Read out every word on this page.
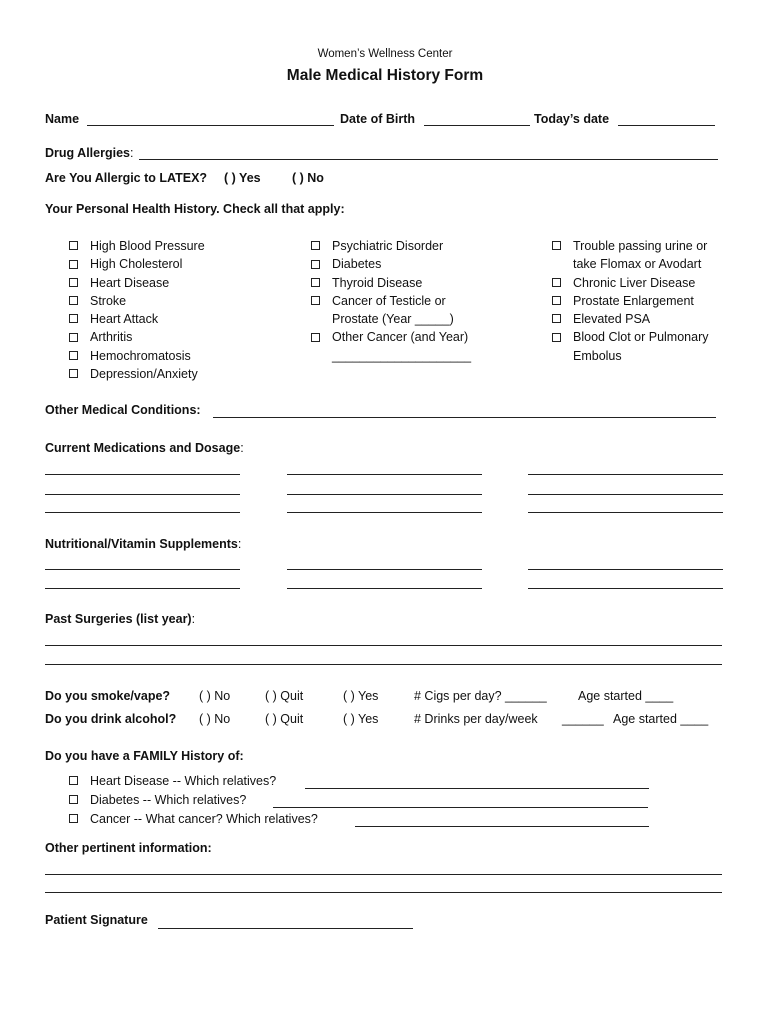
Women’s Wellness Center
Male Medical History Form
Name	Date of Birth	Today’s date
Drug Allergies:
Are You Allergic to LATEX? ( ) Yes	( ) No
Your Personal Health History. Check all that apply:
High Blood Pressure
High Cholesterol
Heart Disease
Stroke
Heart Attack
Arthritis
Hemochromatosis
Depression/Anxiety
Psychiatric Disorder
Diabetes
Thyroid Disease
Cancer of Testicle or
Prostate (Year _____)
Other Cancer (and Year)
____________________
Trouble passing urine or
take Flomax or Avodart
Chronic Liver Disease
Prostate Enlargement
Elevated PSA
Blood Clot or Pulmonary
Embolus
Other Medical Conditions:
Current Medications and Dosage:
Nutritional/Vitamin Supplements:
Past Surgeries (list year):
Do you smoke/vape? ( ) No	( ) Quit	( ) Yes	# Cigs per day? ______	Age started ____
Do you drink alcohol? ( ) No	( ) Quit	( ) Yes	# Drinks per day/week ______ Age started ____
Do you have a FAMILY History of:
Heart Disease -- Which relatives?
Diabetes -- Which relatives?
Cancer -- What cancer? Which relatives?
Other pertinent information:
Patient Signature
